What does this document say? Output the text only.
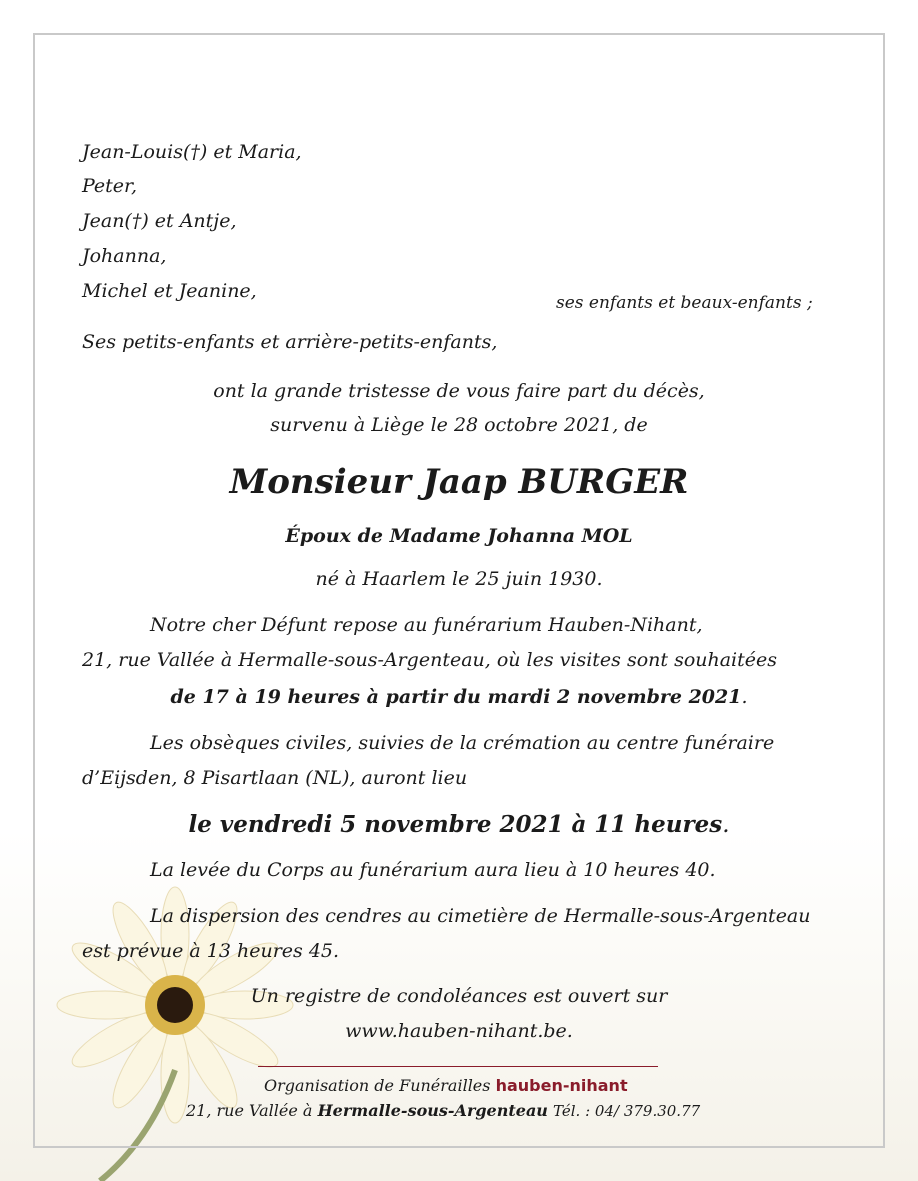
Jean-Louis(†) et Maria,
Peter,
Jean(†) et Antje,
Johanna,
Michel et Jeanine,
ses enfants et beaux-enfants ;
Ses petits-enfants et arrière-petits-enfants,
ont la grande tristesse de vous faire part du décès,
survenu à Liège le 28 octobre 2021, de
Monsieur Jaap BURGER
Époux de Madame Johanna MOL
né à Haarlem le 25 juin 1930.
Notre cher Défunt repose au funérarium Hauben-Nihant,
21, rue Vallée à Hermalle-sous-Argenteau, où les visites sont souhaitées
de 17 à 19 heures à partir du mardi 2 novembre 2021.
Les obsèques civiles, suivies de la crémation au centre funéraire
d’Eijsden, 8 Pisartlaan (NL), auront lieu
le vendredi 5 novembre 2021 à 11 heures.
La levée du Corps au funérarium aura lieu à 10 heures 40.
La dispersion des cendres au cimetière de Hermalle-sous-Argenteau
est prévue à 13 heures 45.
Un registre de condoléances est ouvert sur
www.hauben-nihant.be.
Organisation de Funérailles hauben-nihant
21, rue Vallée à Hermalle-sous-Argenteau Tél. : 04/ 379.30.77
